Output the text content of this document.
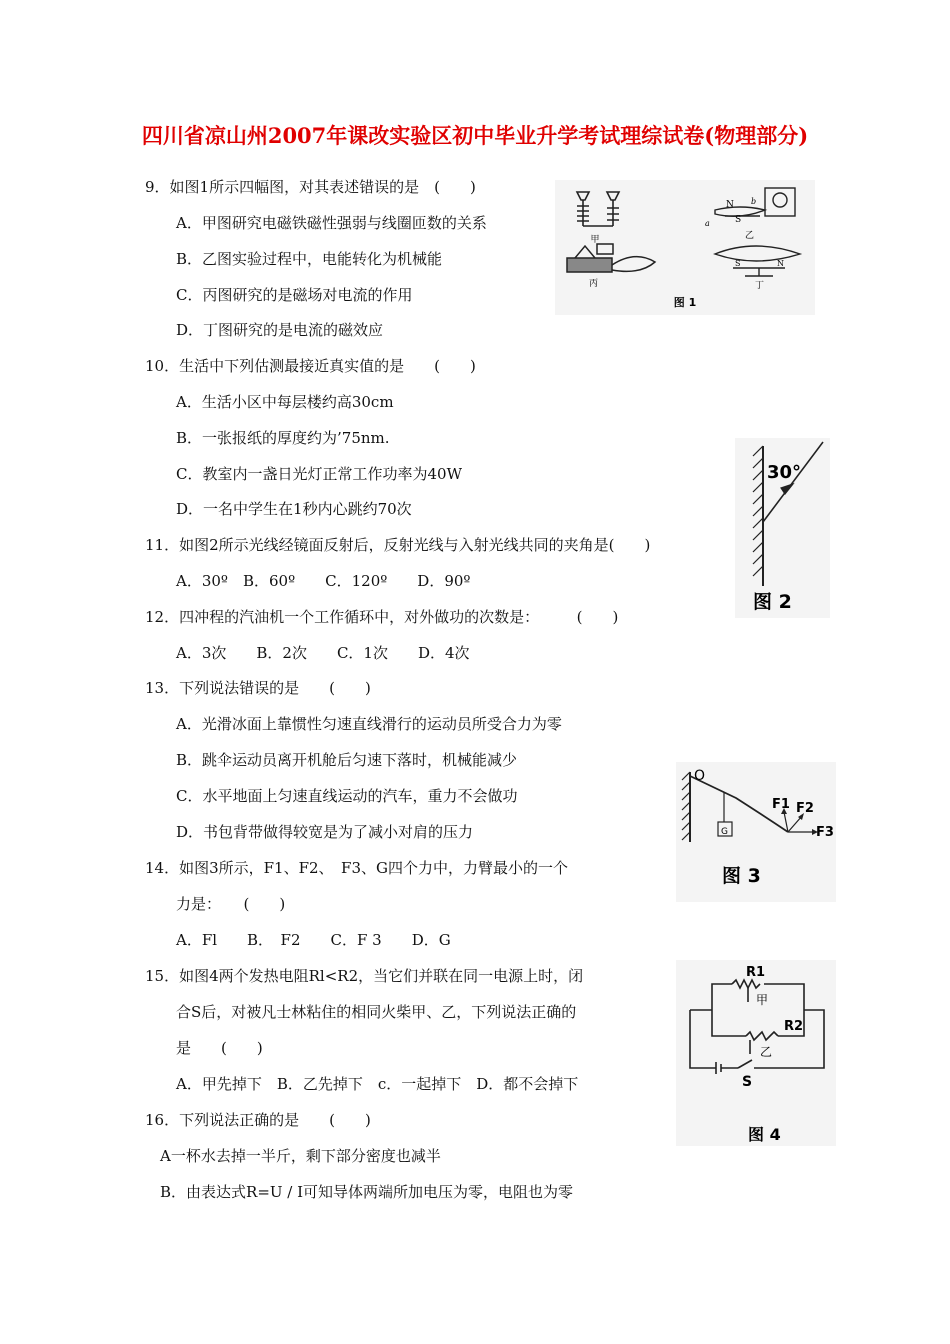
四川省凉山州2007年课改实验区初中毕业升学考试理综试卷(物理部分)
9．如图1所示四幅图，对其表述错误的是　(　　)
A．甲图研究电磁铁磁性强弱与线圈匝数的关系
B．乙图实验过程中，电能转化为机械能
C．丙图研究的是磁场对电流的作用
D．丁图研究的是电流的磁效应
10．生活中下列估测最接近真实值的是　　(　　)
A．生活小区中每层楼约高30cm
B．一张报纸的厚度约为’75nm.
C．教室内一盏日光灯正常工作功率为40W
D．一名中学生在1秒内心跳约70次
11．如图2所示光线经镜面反射后，反射光线与入射光线共同的夹角是(　　)
A．30º　B．60º　　C．120º　　D．90º
12．四冲程的汽油机一个工作循环中，对外做功的次数是：　　　(　　)
A．3次　　B．2次　　C．1次　　D．4次
13．下列说法错误的是　　(　　)
A．光滑冰面上靠惯性匀速直线滑行的运动员所受合力为零
B．跳伞运动员离开机舱后匀速下落时，机械能减少
C．水平地面上匀速直线运动的汽车，重力不会做功
D．书包背带做得较宽是为了减小对肩的压力
14．如图3所示，F1、F2、　F3、G四个力中，力臂最小的一个
力是：　　(　　)
A．Fl　　B．　F2　　C．F 3　　D．G
15．如图4两个发热电阻Rl<R2，当它们并联在同一电源上时，闭
合S后，对被凡士林粘住的相同火柴甲、乙，下列说法正确的
是　　(　　)
A．甲先掉下　B．乙先掉下　c．一起掉下　D．都不会掉下
16．下列说法正确的是　　(　　)
A一杯水去掉一半斤，剩下部分密度也减半
B．由表达式R=U / I可知导体两端所加电压为零，电阻也为零
甲
N
S
a
b
乙
丙
S	N
丁
图 1
30°
图 2
O
G
F1 F2
F3
图 3
R1
R2
甲
乙
S
图 4
